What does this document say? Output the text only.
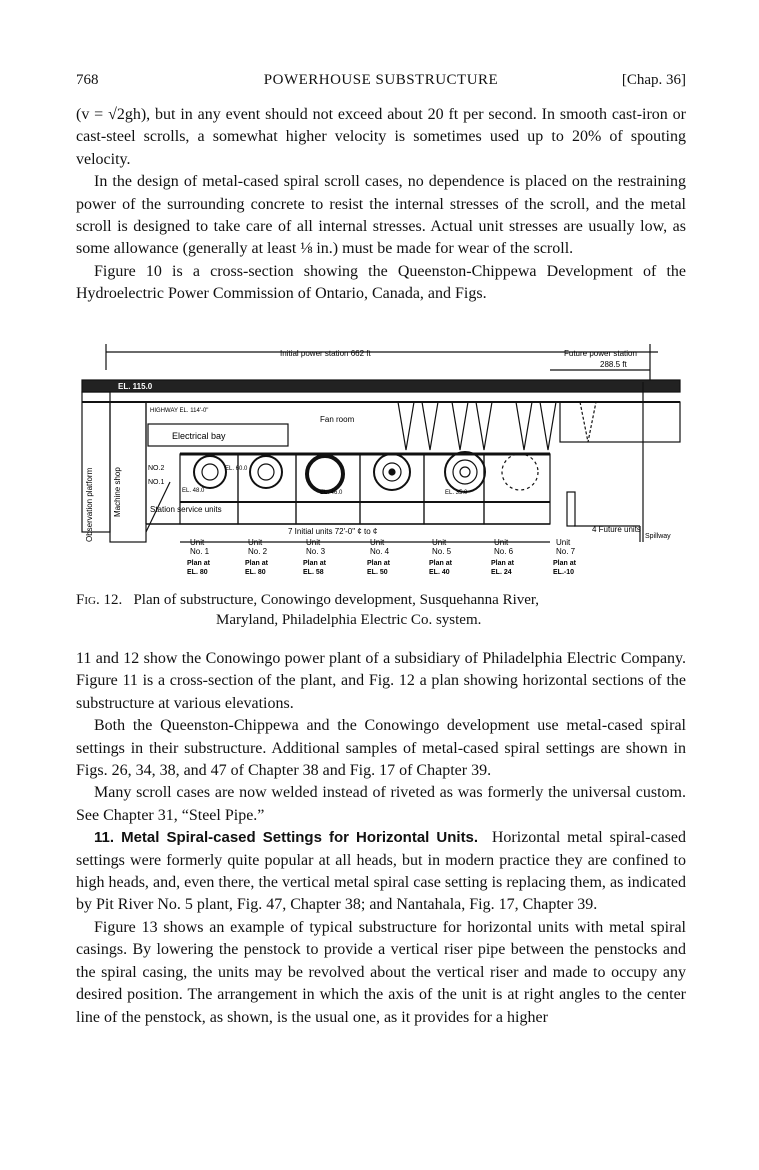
768	POWERHOUSE SUBSTRUCTURE	[Chap. 36]

(v = √2gh), but in any event should not exceed about 20 ft per second. In smooth cast-iron or cast-steel scrolls, a somewhat higher velocity is sometimes used up to 20% of spouting velocity.

In the design of metal-cased spiral scroll cases, no dependence is placed on the restraining power of the surrounding concrete to resist the internal stresses of the scroll, and the metal scroll is designed to take care of all internal stresses. Actual unit stresses are usually low, as some allowance (generally at least ⅛ in.) must be made for wear of the scroll.

Figure 10 is a cross-section showing the Queenston-Chippewa Development of the Hydroelectric Power Commission of Ontario, Canada, and Figs.

Initial power station 662 ft	Future power station
288.5 ft
EL. 115.0
HIGHWAY EL. 114'-0"
Electrical bay
Fan room
Machine shop
Observation platform	Station service units
NO.2
NO.1
EL. 60.0
EL. 48.0	EL. 46.0	EL. 35.0
7 Initial units 72'-0" ¢ to ¢	4 Future units
Spillway
Unit
No. 1
Plan at
EL. 80
Unit
No. 2
Plan at
EL. 80
Unit
No. 3
Plan at
EL. 58
Unit
No. 4
Plan at
EL. 50
Unit
No. 5
Plan at
EL. 40
Unit
No. 6
Plan at
EL. 24
Unit
No. 7
Plan at
EL.-10
Fig. 12. Plan of substructure, Conowingo development, Susquehanna River,
Maryland, Philadelphia Electric Co. system.

11 and 12 show the Conowingo power plant of a subsidiary of Philadelphia Electric Company. Figure 11 is a cross-section of the plant, and Fig. 12 a plan showing horizontal sections of the substructure at various elevations.

Both the Queenston-Chippewa and the Conowingo development use metal-cased spiral settings in their substructure. Additional samples of metal-cased spiral settings are shown in Figs. 26, 34, 38, and 47 of Chapter 38 and Fig. 17 of Chapter 39.

Many scroll cases are now welded instead of riveted as was formerly the universal custom. See Chapter 31, “Steel Pipe.”

11. Metal Spiral-cased Settings for Horizontal Units. Horizontal metal spiral-cased settings were formerly quite popular at all heads, but in modern practice they are confined to high heads, and, even there, the vertical metal spiral case setting is replacing them, as indicated by Pit River No. 5 plant, Fig. 47, Chapter 38; and Nantahala, Fig. 17, Chapter 39.

Figure 13 shows an example of typical substructure for horizontal units with metal spiral casings. By lowering the penstock to provide a vertical riser pipe between the penstocks and the spiral casing, the units may be revolved about the vertical riser and made to occupy any desired position. The arrangement in which the axis of the unit is at right angles to the center line of the penstock, as shown, is the usual one, as it provides for a higher
